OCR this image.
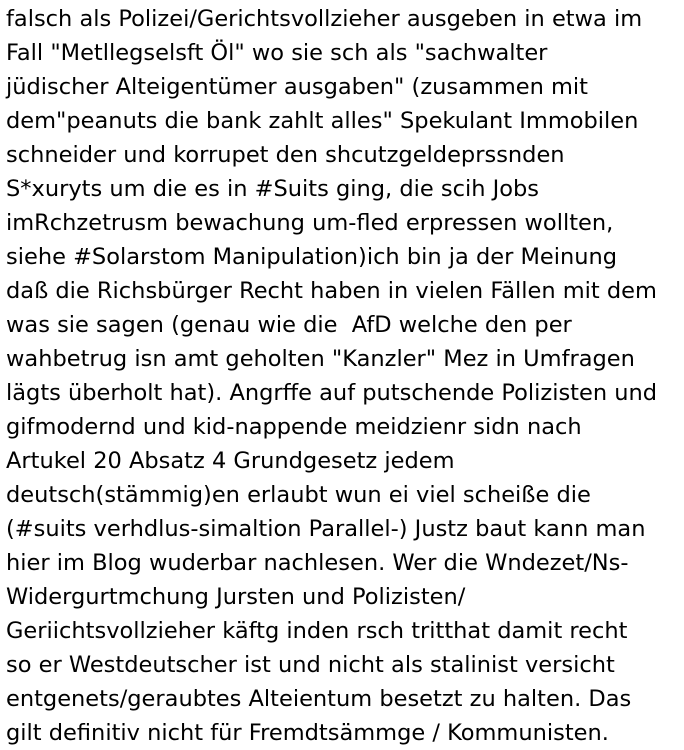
falsch als Polizei/Gerichtsvollzieher ausgeben in etwa im
Fall "Metllegselsft Öl" wo sie sch als "sachwalter
jüdischer Alteigentümer ausgaben" (zusammen mit
dem"peanuts die bank zahlt alles" Spekulant Immobilen
schneider und korrupet den shcutzgeldeprssnden
S*xuryts um die es in #Suits ging, die scih Jobs
imRchzetrusm bewachung um-fled erpressen wollten,
siehe #Solarstom Manipulation)ich bin ja der Meinung
daß die Richsbürger Recht haben in vielen Fällen mit dem
was sie sagen (genau wie die  AfD welche den per
wahbetrug isn amt geholten "Kanzler" Mez in Umfragen
lägts überholt hat). Angrffe auf putschende Polizisten und
gifmodernd und kid-nappende meidzienr sidn nach
Artukel 20 Absatz 4 Grundgesetz jedem
deutsch(stämmig)en erlaubt wun ei viel scheiße die
(#suits verhdlus-simaltion Parallel-) Justz baut kann man
hier im Blog wuderbar nachlesen. Wer die Wndezet/Ns-
Widergurtmchung Jursten und Polizisten/
Geriichtsvollzieher käftg inden rsch tritthat damit recht
so er Westdeutscher ist und nicht als stalinist versicht
entgenets/geraubtes Alteientum besetzt zu halten. Das
gilt definitiv nicht für Fremdtsämmge / Kommunisten.
